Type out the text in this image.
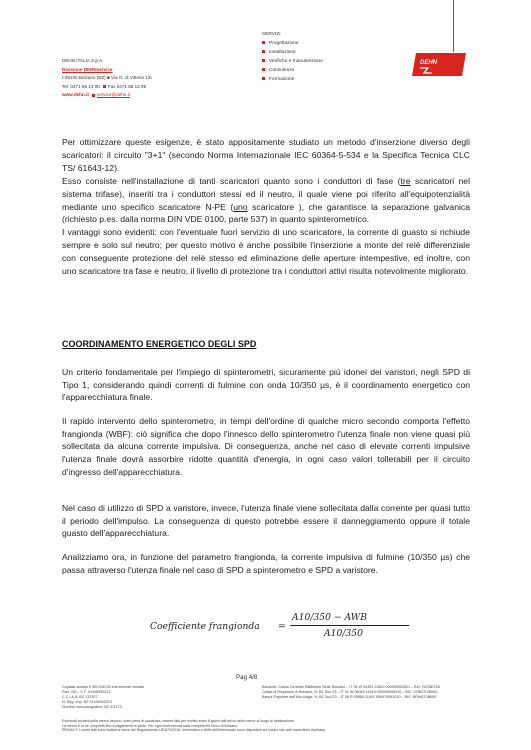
DEHN ITALIA S.p.A.
Divisione DEHNservice
I-39100 Bolzano (BZ) ■ Via G. di Vittorio 1/b
Tel. 0471 56 13 00 Fax 0471 56 13 99
www.dehn.it service@dehn.it
SERVIZI
Progettazione
Installazione
Verifiche e manutenzione
Consulenze
Formazione
DEHN
Per ottimizzare queste esigenze, è stato appositamente studiato un metodo d'inserzione diverso degli scaricatori: il circuito "3+1" (secondo Norma Internazionale IEC 60364-5-534 e la Specifica Tecnica CLC TS/ 61643-12).
Esso consiste nell'installazione di tanti scaricatori quanto sono i conduttori di fase (tre scaricatori nel sistema trifase), inseriti tra i conduttori stessi ed il neutro, il quale viene poi riferito all'equipotenzialità mediante uno specifico scaricatore N-PE (uno scaricatore ), che garantisce la separazione galvanica (richiesto p.es. dalla norma DIN VDE 0100, parte 537) in quanto spinterometrico.
I vantaggi sono evidenti: con l'eventuale fuori servizio di uno scaricatore, la corrente di guasto si richiude sempre e solo sul neutro; per questo motivo è anche possibile l'inserzione a monte del relè differenziale con conseguente protezione del relè stesso ed eliminazione delle aperture intempestive, ed inoltre, con uno scaricatore tra fase e neutro, il livello di protezione tra i conduttori attivi risulta notevolmente migliorato.
COORDINAMENTO ENERGETICO DEGLI SPD
Un criterio fondamentale per l'impiego di spinterometri, sicuramente più idonei dei varistori, negli SPD di Tipo 1, considerando quindi correnti di fulmine con onda 10/350 µs, è il coordinamento energetico con l'apparecchiatura finale.
Il rapido intervento dello spinterometro, in tempi dell'ordine di qualche micro secondo comporta l'effetto frangionda (WBF): ciò significa che dopo l'innesco dello spinterometro l'utenza finale non viene quasi più sollecitata da alcuna corrente impulsiva. Di conseguenza, anche nel caso di elevate correnti impulsive l'utenza finale dovrà assorbire ridotte quantità d'energia, in ogni caso valori tollerabili per il circuito d'ingresso dell'apparecchiatura.
Nel caso di utilizzo di SPD a varistore, invece, l'utenza finale viene sollecitata dalla corrente per quasi tutto il periodo dell'impulso. La conseguenza di questo potrebbe essere il danneggiamento oppure il totale guasto dell'apparecchiatura.
Analizziamo ora, in funzione del parametro frangionda, la corrente impulsiva di fulmine (10/350 µs) che passa attraverso l'utenza finale nel caso di SPD a spinterometro e SPD a varistore.
Coefficiente frangionda =
A10/350 − AWB
A10/350
Pag 4/8
Capitale sociale € 500.000,00 interamente versato
Part. IVA – C.F. 01446930213
C.C.I.A.A. BZ 131357
N. Reg. Imp. BZ 01446930213
Numero meccanografico: BZ 011173
Bancche: Cassa Centrale Raiffeisen Sede Bolzano – IT 06 W 03493 11600 000300003521 – BIC: RZSBIT2B
Cassa di Risparmio di Bolzano, N. BZ Sud 23 – IT 31 W 06045 11619 000000006010 – BIC: CRBZIT2B062
Banca Popolare dell'Alto Adige, N. BZ Sud 23 – IT 58 R 05856 11601 050570092010 – BIC: BPAAIT2B050
Eventuali reclami sulla merce devono, sotto pena di scadenza, essere fatti per iscritto entro 8 giorni dall'arrivo della merce al luogo di destinazione.
La merce è in ns. proprietà fino a pagamento a saldo. Per ogni controversia sarà competente il foro di Bolzano.
PRIVACY: I nostri dati sono trattati ai sensi del Regolamento UE/679/2016; informativa e diritti dell'interessato sono disponibili sul nostro sito web www.dehn.it/privacy
